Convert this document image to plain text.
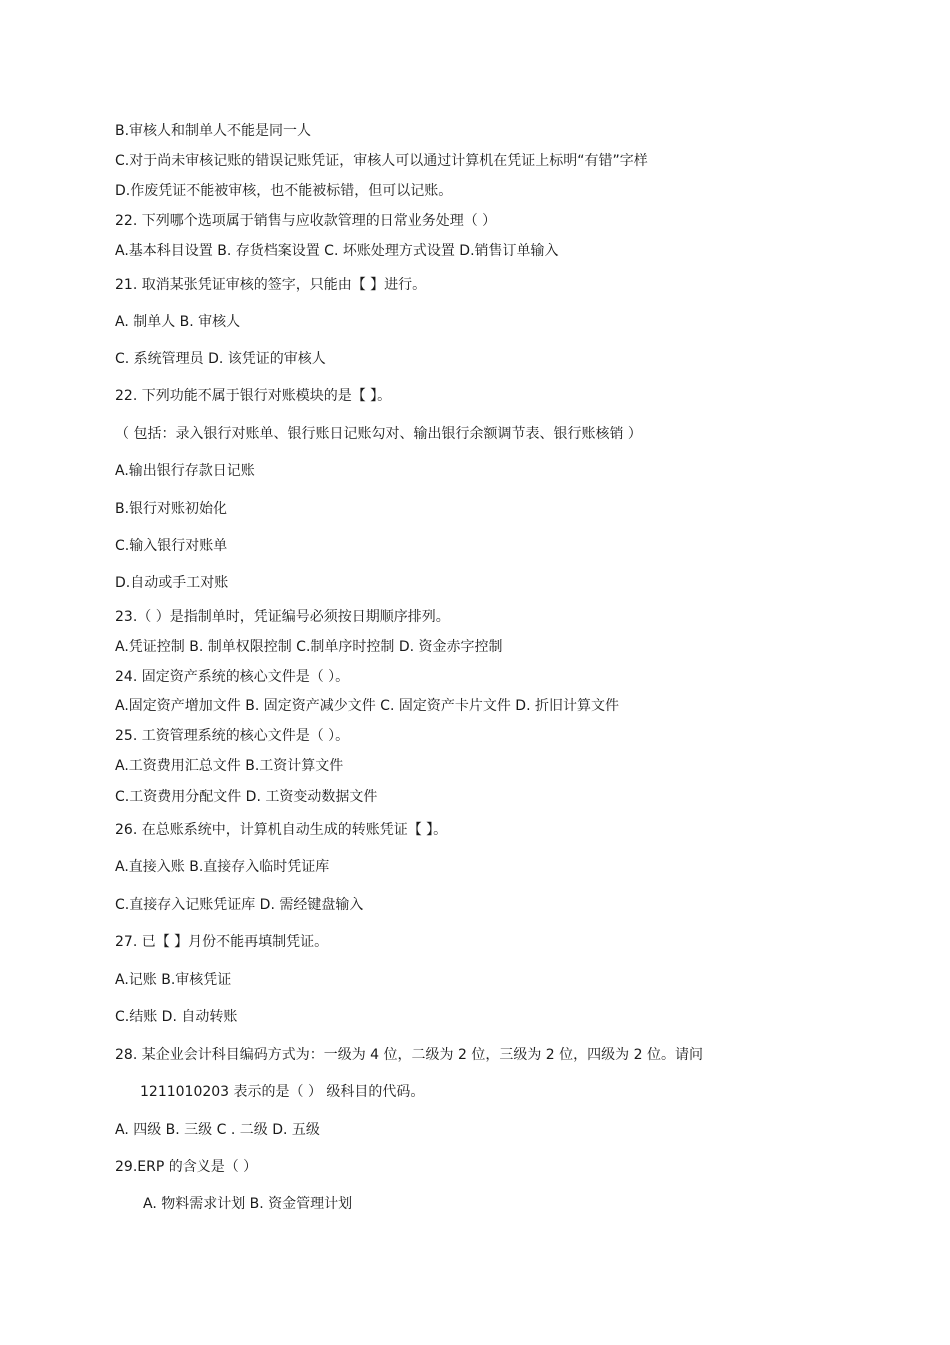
B.审核人和制单人不能是同一人
C.对于尚未审核记账的错误记账凭证，审核人可以通过计算机在凭证上标明“有错”字样
D.作废凭证不能被审核，也不能被标错，但可以记账。
22. 下列哪个选项属于销售与应收款管理的日常业务处理（ ）
A.基本科目设置 B. 存货档案设置 C. 坏账处理方式设置 D.销售订单输入
21. 取消某张凭证审核的签字，只能由【 】进行。
A. 制单人 B. 审核人
C. 系统管理员 D. 该凭证的审核人
22. 下列功能不属于银行对账模块的是【 】。
（ 包括：录入银行对账单、银行账日记账勾对、输出银行余额调节表、银行账核销 ）
A.输出银行存款日记账
B.银行对账初始化
C.输入银行对账单
D.自动或手工对账
23.（ ）是指制单时，凭证编号必须按日期顺序排列。
A.凭证控制 B. 制单权限控制 C.制单序时控制 D. 资金赤字控制
24. 固定资产系统的核心文件是（ ）。
A.固定资产增加文件 B. 固定资产减少文件 C. 固定资产卡片文件 D. 折旧计算文件
25. 工资管理系统的核心文件是（ ）。
A.工资费用汇总文件 B.工资计算文件
C.工资费用分配文件 D. 工资变动数据文件
26. 在总账系统中，计算机自动生成的转账凭证【 】。
A.直接入账 B.直接存入临时凭证库
C.直接存入记账凭证库 D. 需经键盘输入
27. 已【 】月份不能再填制凭证。
A.记账 B.审核凭证
C.结账 D. 自动转账
28. 某企业会计科目编码方式为：一级为 4 位，二级为 2 位，三级为 2 位，四级为 2 位。请问
1211010203 表示的是（ ） 级科目的代码。
A. 四级 B. 三级 C . 二级 D. 五级
29.ERP 的含义是（ ）
A. 物料需求计划 B. 资金管理计划
